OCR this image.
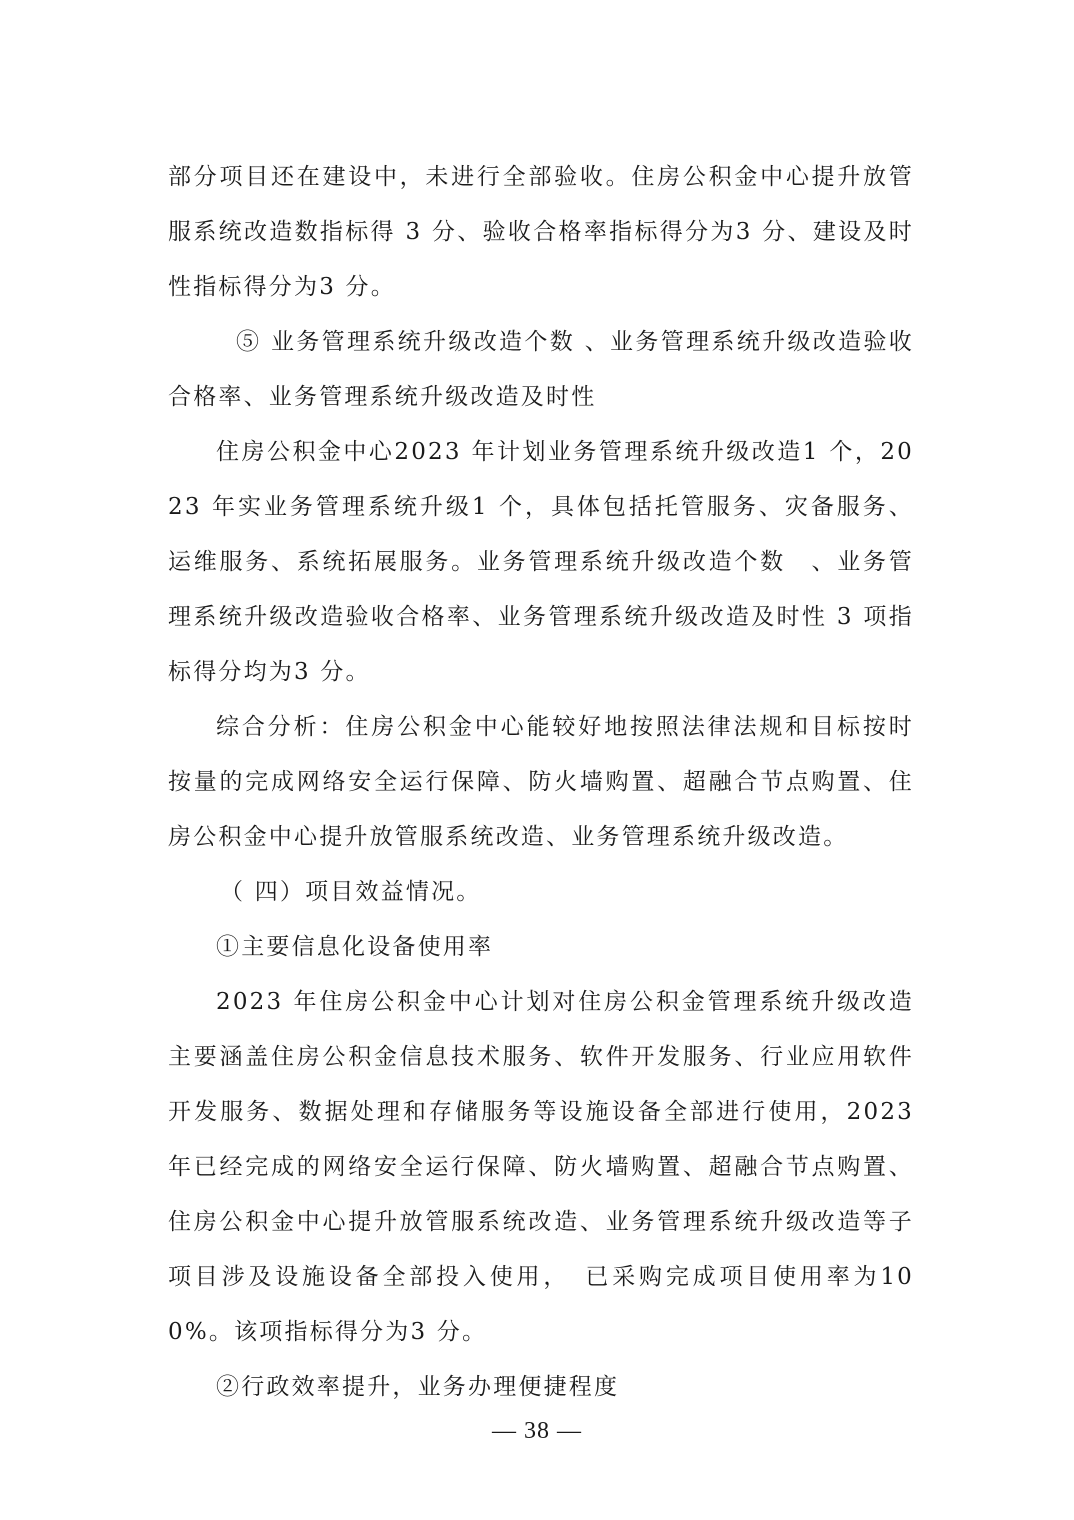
部分项目还在建设中，未进行全部验收。住房公积金中心提升放管服系统改造数指标得 3 分、验收合格率指标得分为3 分、建设及时性指标得分为3 分。

⑤ 业务管理系统升级改造个数 、业务管理系统升级改造验收合格率、业务管理系统升级改造及时性

住房公积金中心2023 年计划业务管理系统升级改造1 个，2023 年实业务管理系统升级1 个，具体包括托管服务、灾备服务、运维服务、系统拓展服务。业务管理系统升级改造个数　、业务管理系统升级改造验收合格率、业务管理系统升级改造及时性 3 项指标得分均为3 分。

综合分析：住房公积金中心能较好地按照法律法规和目标按时按量的完成网络安全运行保障、防火墙购置、超融合节点购置、住房公积金中心提升放管服系统改造、业务管理系统升级改造。

（ 四）项目效益情况。

①主要信息化设备使用率

2023 年住房公积金中心计划对住房公积金管理系统升级改造主要涵盖住房公积金信息技术服务、软件开发服务、行业应用软件开发服务、数据处理和存储服务等设施设备全部进行使用，2023 年已经完成的网络安全运行保障、防火墙购置、超融合节点购置、住房公积金中心提升放管服系统改造、业务管理系统升级改造等子项目涉及设施设备全部投入使用，　已采购完成项目使用率为100%。该项指标得分为3 分。

②行政效率提升，业务办理便捷程度

— 38 —
